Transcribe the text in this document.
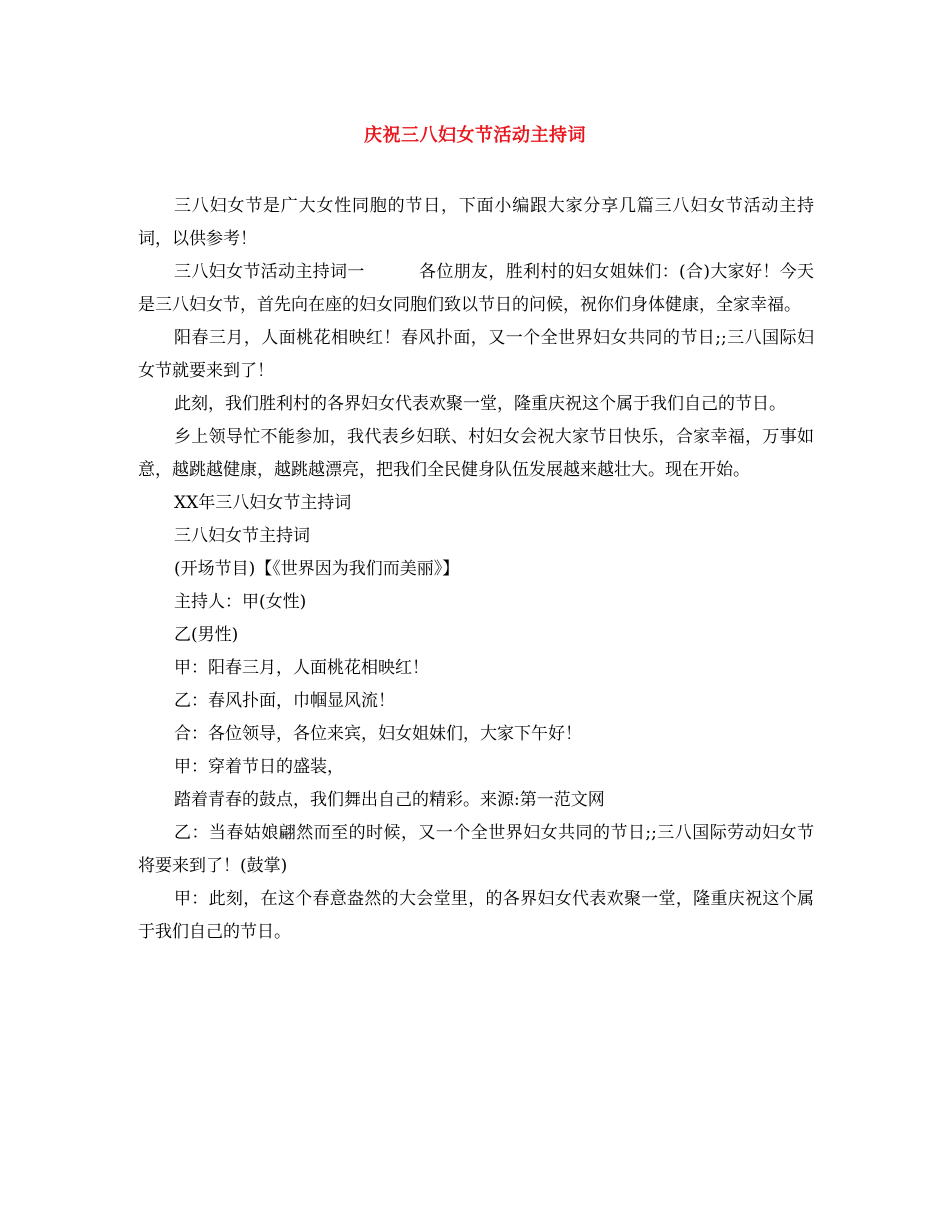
庆祝三八妇女节活动主持词

三八妇女节是广大女性同胞的节日，下面小编跟大家分享几篇三八妇女节活动主持词，以供参考！

三八妇女节活动主持词一	各位朋友，胜利村的妇女姐妹们：(合)大家好！今天是三八妇女节，首先向在座的妇女同胞们致以节日的问候，祝你们身体健康，全家幸福。

阳春三月，人面桃花相映红！春风扑面，又一个全世界妇女共同的节日;;三八国际妇女节就要来到了！

此刻，我们胜利村的各界妇女代表欢聚一堂，隆重庆祝这个属于我们自己的节日。

乡上领导忙不能参加，我代表乡妇联、村妇女会祝大家节日快乐，合家幸福，万事如意，越跳越健康，越跳越漂亮，把我们全民健身队伍发展越来越壮大。现在开始。

XX年三八妇女节主持词

三八妇女节主持词

(开场节目)【《世界因为我们而美丽》】

主持人：甲(女性)

乙(男性)

甲：阳春三月，人面桃花相映红！

乙：春风扑面，巾帼显风流！

合：各位领导，各位来宾，妇女姐妹们，大家下午好！

甲：穿着节日的盛装，

踏着青春的鼓点，我们舞出自己的精彩。来源:第一范文网

乙：当春姑娘翩然而至的时候，又一个全世界妇女共同的节日;;三八国际劳动妇女节将要来到了！(鼓掌)

甲：此刻，在这个春意盎然的大会堂里，的各界妇女代表欢聚一堂，隆重庆祝这个属于我们自己的节日。
